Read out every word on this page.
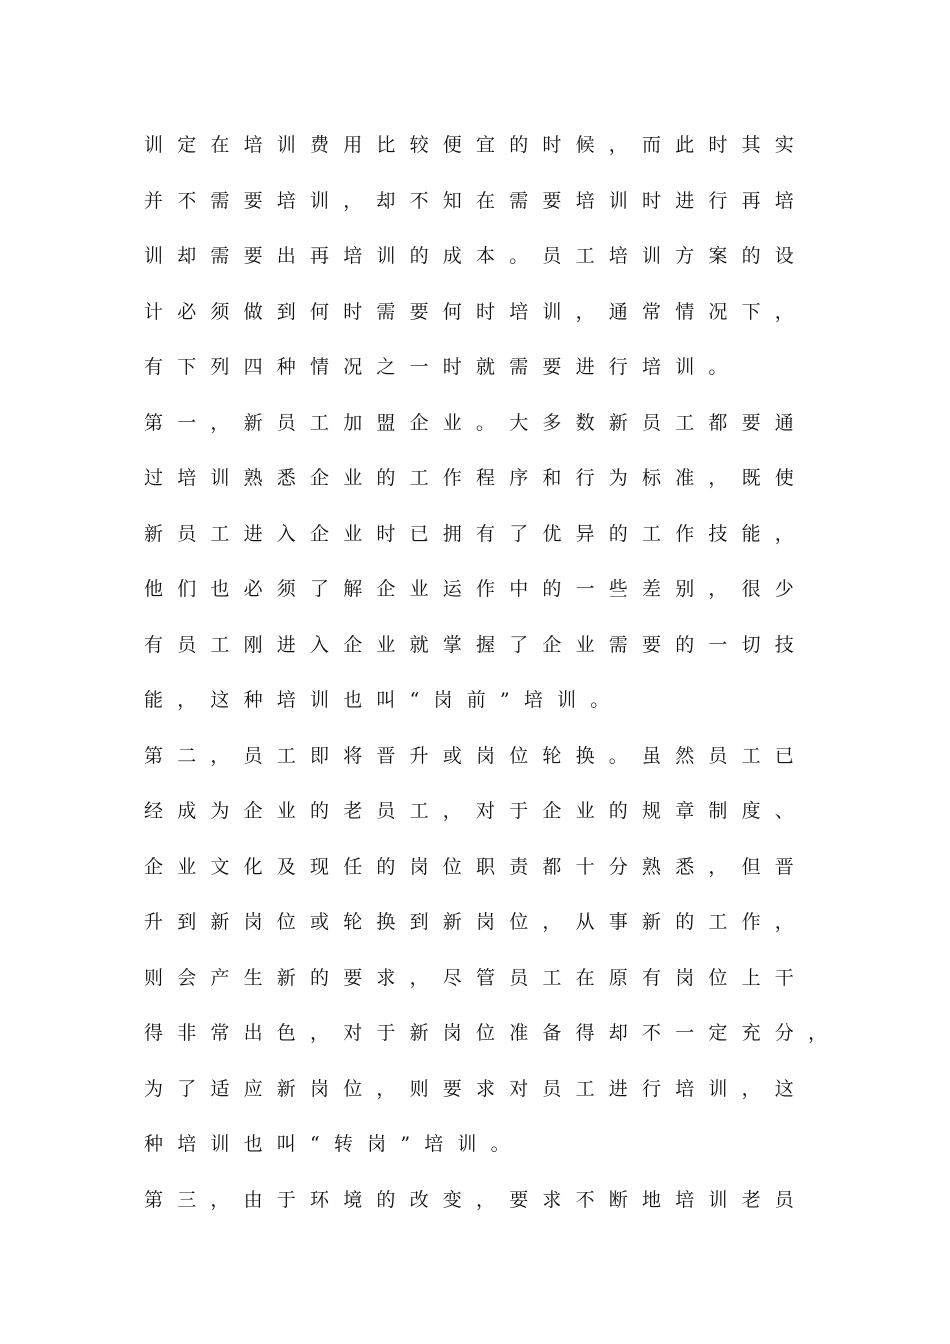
训定在培训费用比较便宜的时候，而此时其实
并不需要培训，却不知在需要培训时进行再培
训却需要出再培训的成本。员工培训方案的设
计必须做到何时需要何时培训，通常情况下，
有下列四种情况之一时就需要进行培训。
第一，新员工加盟企业。大多数新员工都要通
过培训熟悉企业的工作程序和行为标准，既使
新员工进入企业时已拥有了优异的工作技能，
他们也必须了解企业运作中的一些差别，很少
有员工刚进入企业就掌握了企业需要的一切技
能，这种培训也叫“岗前”培训。
第二，员工即将晋升或岗位轮换。虽然员工已
经成为企业的老员工，对于企业的规章制度、
企业文化及现任的岗位职责都十分熟悉，但晋
升到新岗位或轮换到新岗位，从事新的工作，
则会产生新的要求，尽管员工在原有岗位上干
得非常出色，对于新岗位准备得却不一定充分，
为了适应新岗位，则要求对员工进行培训，这
种培训也叫“转岗”培训。
第三，由于环境的改变，要求不断地培训老员
